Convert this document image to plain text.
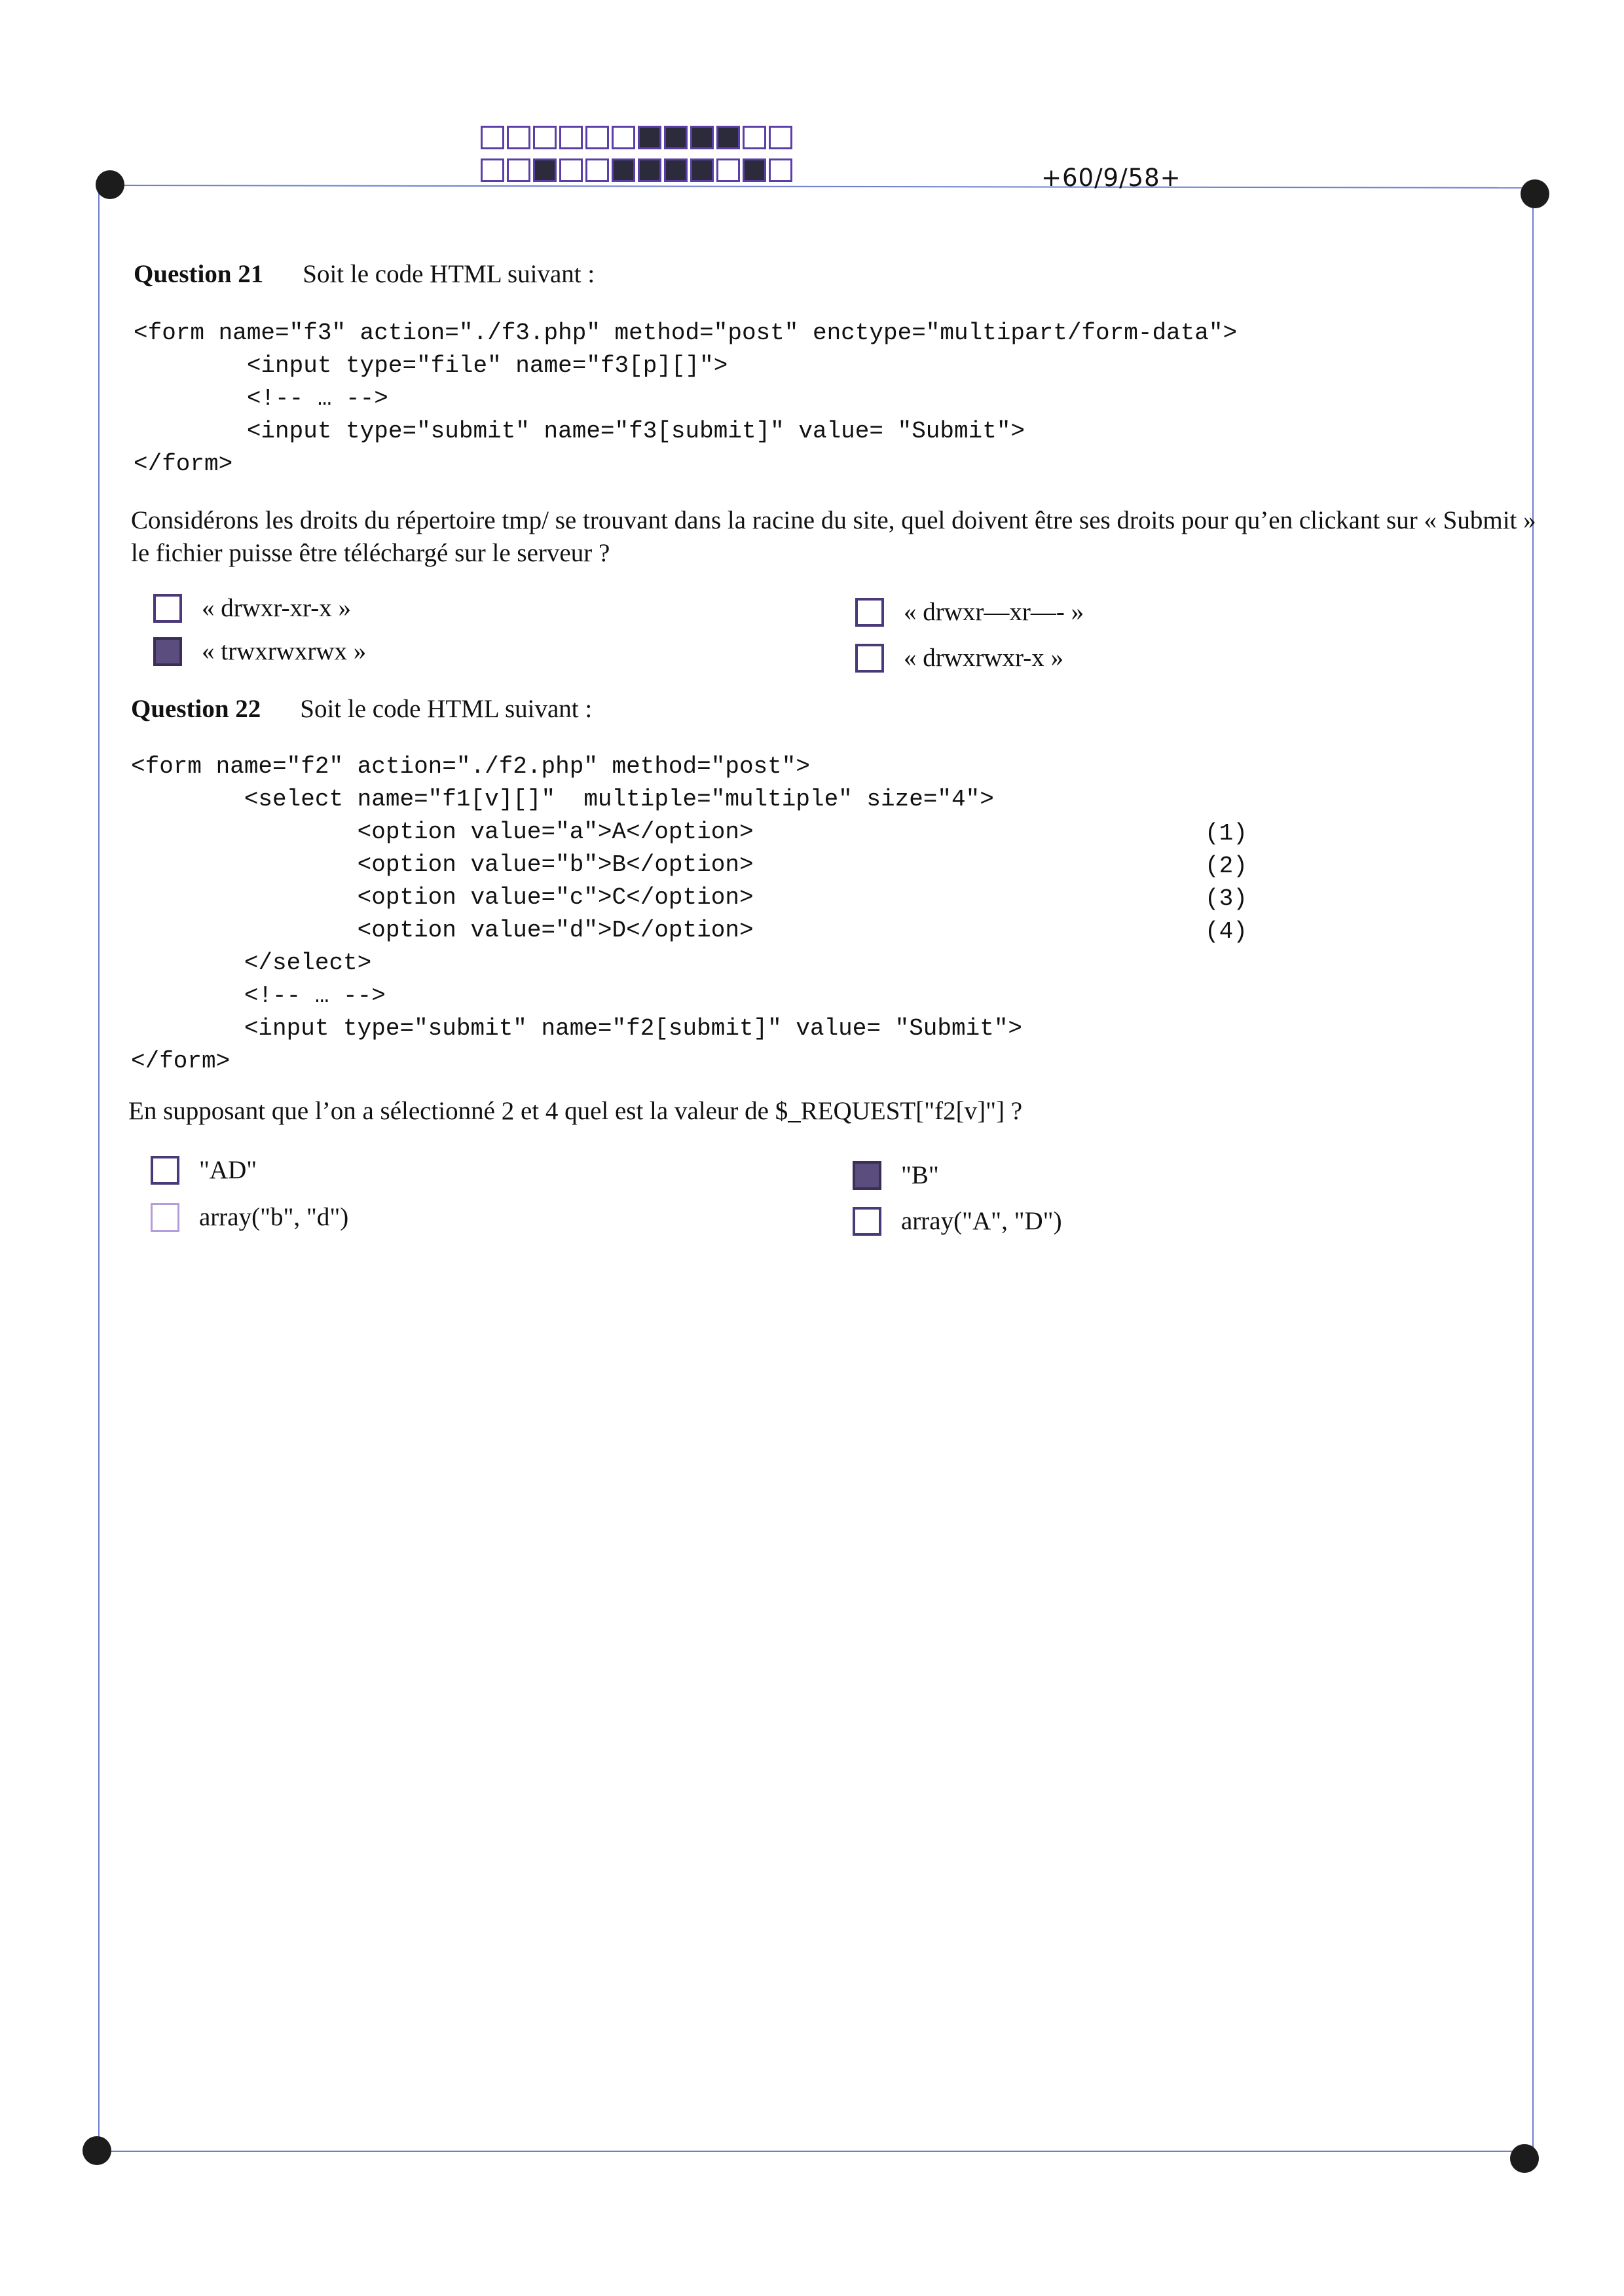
+60/9/58+
Question 21 Soit le code HTML suivant :
<form name="f3" action="./f3.php" method="post" enctype="multipart/form-data">
<input type="file" name="f3[p][]">
<!-- … -->
<input type="submit" name="f3[submit]" value= "Submit">
</form>
Considérons les droits du répertoire tmp/ se trouvant dans la racine du site, quel doivent être ses droits pour qu’en clickant sur « Submit » le fichier puisse être téléchargé sur le serveur ?
« drwxr-xr-x »	« drwxr—xr—- »
« trwxrwxrwx »	« drwxrwxr-x »
Question 22 Soit le code HTML suivant :
<form name="f2" action="./f2.php" method="post">
<select name="f1[v][]"  multiple="multiple" size="4">
<option value="a">A</option>
<option value="b">B</option>
<option value="c">C</option>
<option value="d">D</option>
</select>
<!-- … -->
<input type="submit" name="f2[submit]" value= "Submit">
</form>
(1)
(2)
(3)
(4)
En supposant que l’on a sélectionné 2 et 4 quel est la valeur de $_REQUEST["f2[v]"] ?
"AD"	"B"
array("b", "d")	array("A", "D")
